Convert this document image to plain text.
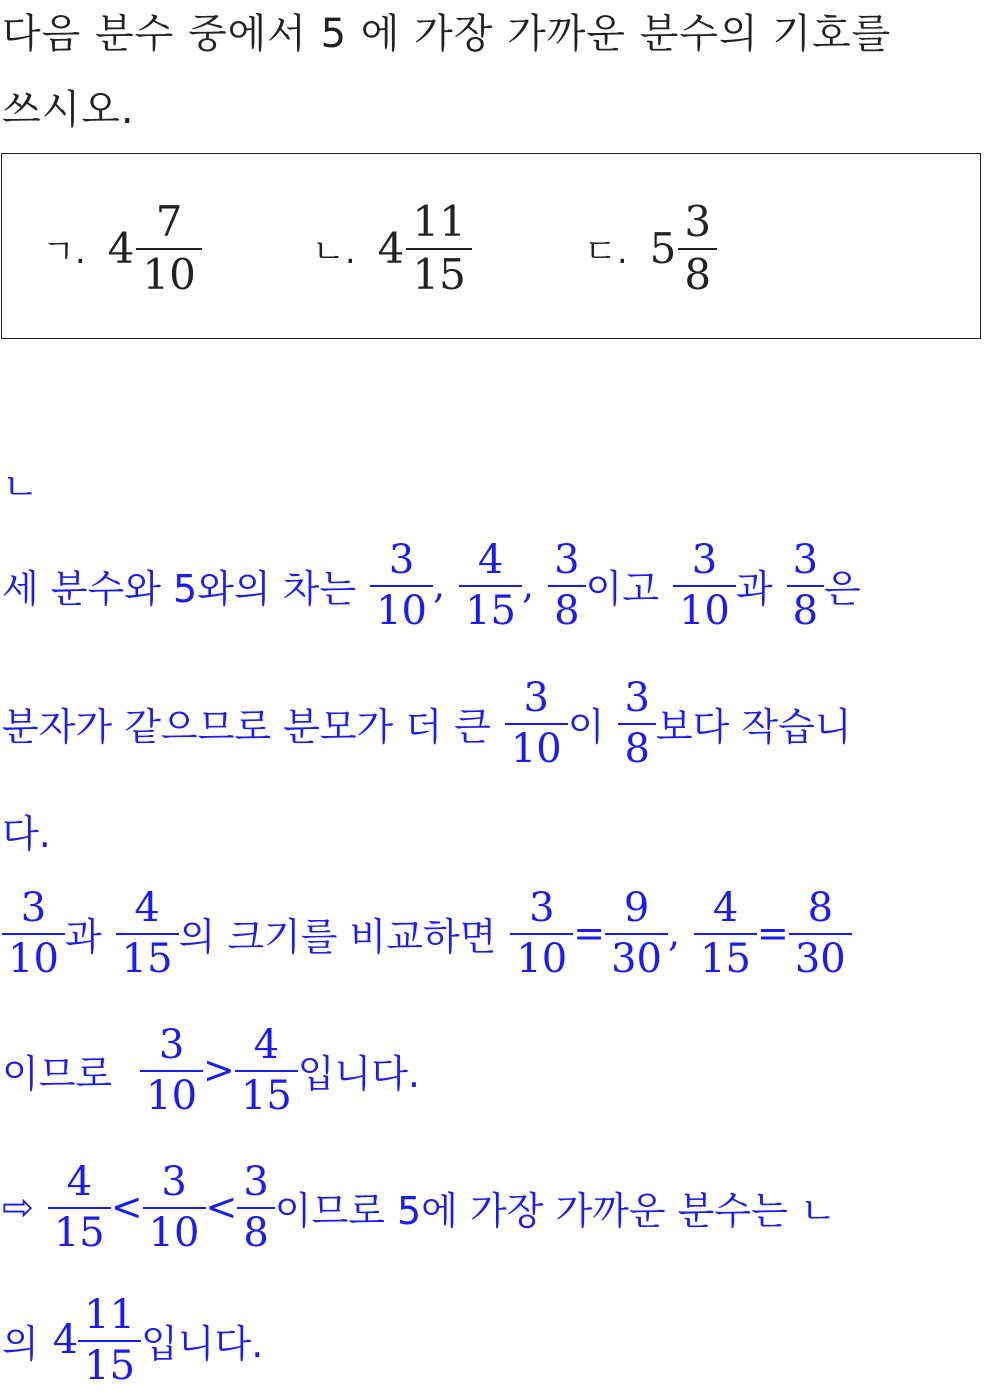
다음 분수 중에서 5 에 가장 가까운 분수의 기호를
쓰시오.
ㄱ. $4 \frac{7}{10}$	ㄴ. $4 \frac{11}{15}$	ㄷ. $5 \frac{3}{8}$
ㄴ
세 분수와 5와의 차는 $\frac{3}{10}$ , $\frac{4}{15}$ , $\frac{3}{8}$ 이고 $\frac{3}{10}$ 과 $\frac{3}{8}$ 은
분자가 같으므로 분모가 더 큰 $\frac{3}{10}$ 이 $\frac{3}{8}$ 보다 작습니
다.
$\frac{3}{10}$ 과 $\frac{4}{15}$ 의 크기를 비교하면 $\frac{3}{10} = \frac{9}{30}$ , $\frac{4}{15} = \frac{8}{30}$
이므로 $\frac{3}{10} > \frac{4}{15}$ 입니다.
⇨ $\frac{4}{15} < \frac{3}{10} < \frac{3}{8}$ 이므로 5에 가장 가까운 분수는 ㄴ
의 $4 \frac{11}{15}$ 입니다.
